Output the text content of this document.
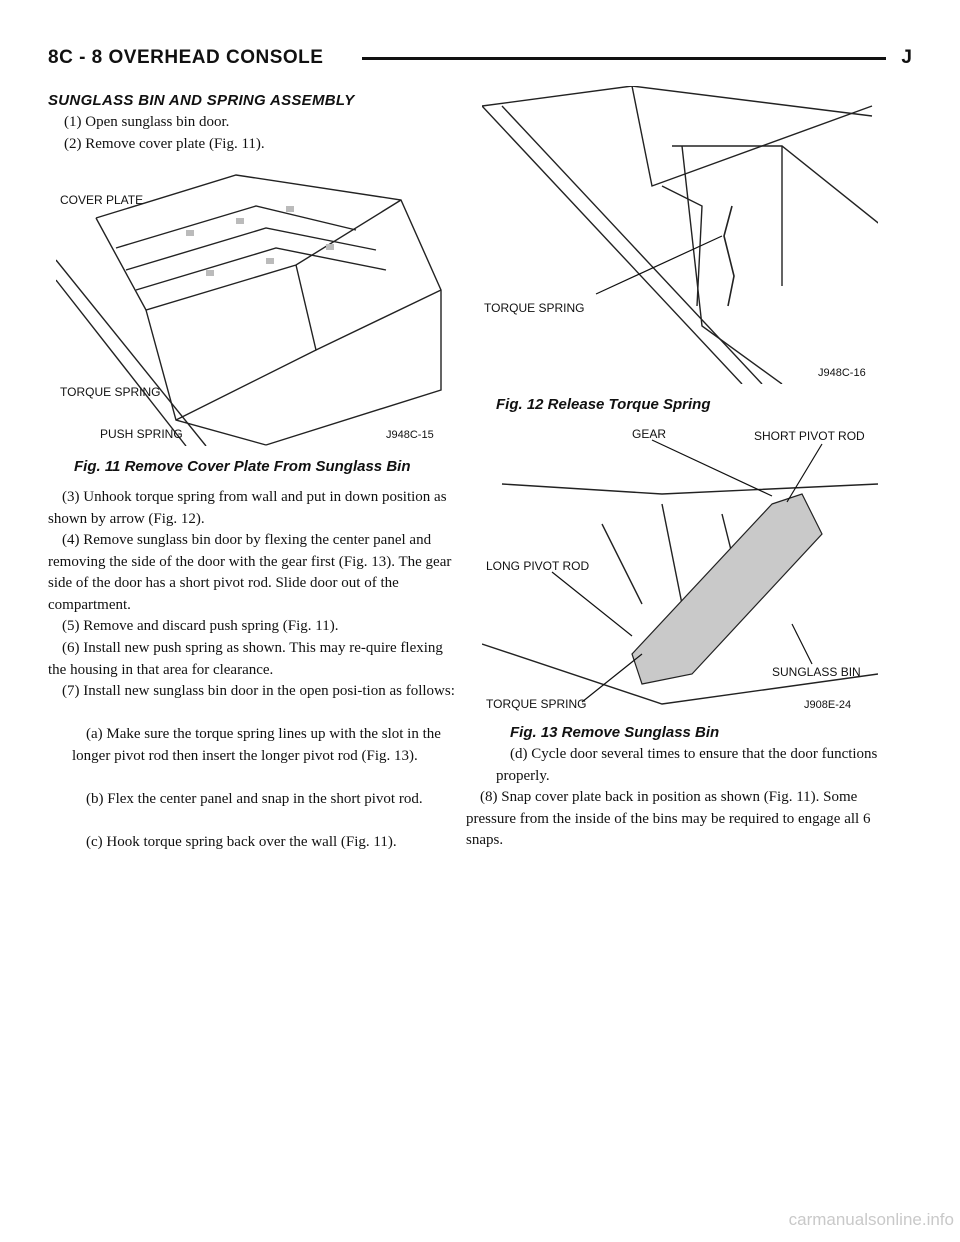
8C - 8 OVERHEAD CONSOLE	J
SUNGLASS BIN AND SPRING ASSEMBLY

(1) Open sunglass bin door.

(2) Remove cover plate (Fig. 11).

COVER PLATE
TORQUE SPRING
PUSH SPRING	J948C-15
Fig. 11 Remove Cover Plate From Sunglass Bin

(3) Unhook torque spring from wall and put in down position as shown by arrow (Fig. 12).

(4) Remove sunglass bin door by flexing the center panel and removing the side of the door with the gear first (Fig. 13). The gear side of the door has a short pivot rod. Slide door out of the compartment.

(5) Remove and discard push spring (Fig. 11).

(6) Install new push spring as shown. This may re-quire flexing the housing in that area for clearance.

(7) Install new sunglass bin door in the open posi-tion as follows:

(a) Make sure the torque spring lines up with the slot in the longer pivot rod then insert the longer pivot rod (Fig. 13).

(b) Flex the center panel and snap in the short pivot rod.

(c) Hook torque spring back over the wall (Fig. 11).

TORQUE SPRING
J948C-16
Fig. 12 Release Torque Spring
GEAR	SHORT PIVOT ROD
LONG PIVOT ROD
SUNGLASS BIN
TORQUE SPRING	J908E-24
Fig. 13 Remove Sunglass Bin

(d) Cycle door several times to ensure that the door functions properly.

(8) Snap cover plate back in position as shown (Fig. 11). Some pressure from the inside of the bins may be required to engage all 6 snaps.

carmanualsonline.info
